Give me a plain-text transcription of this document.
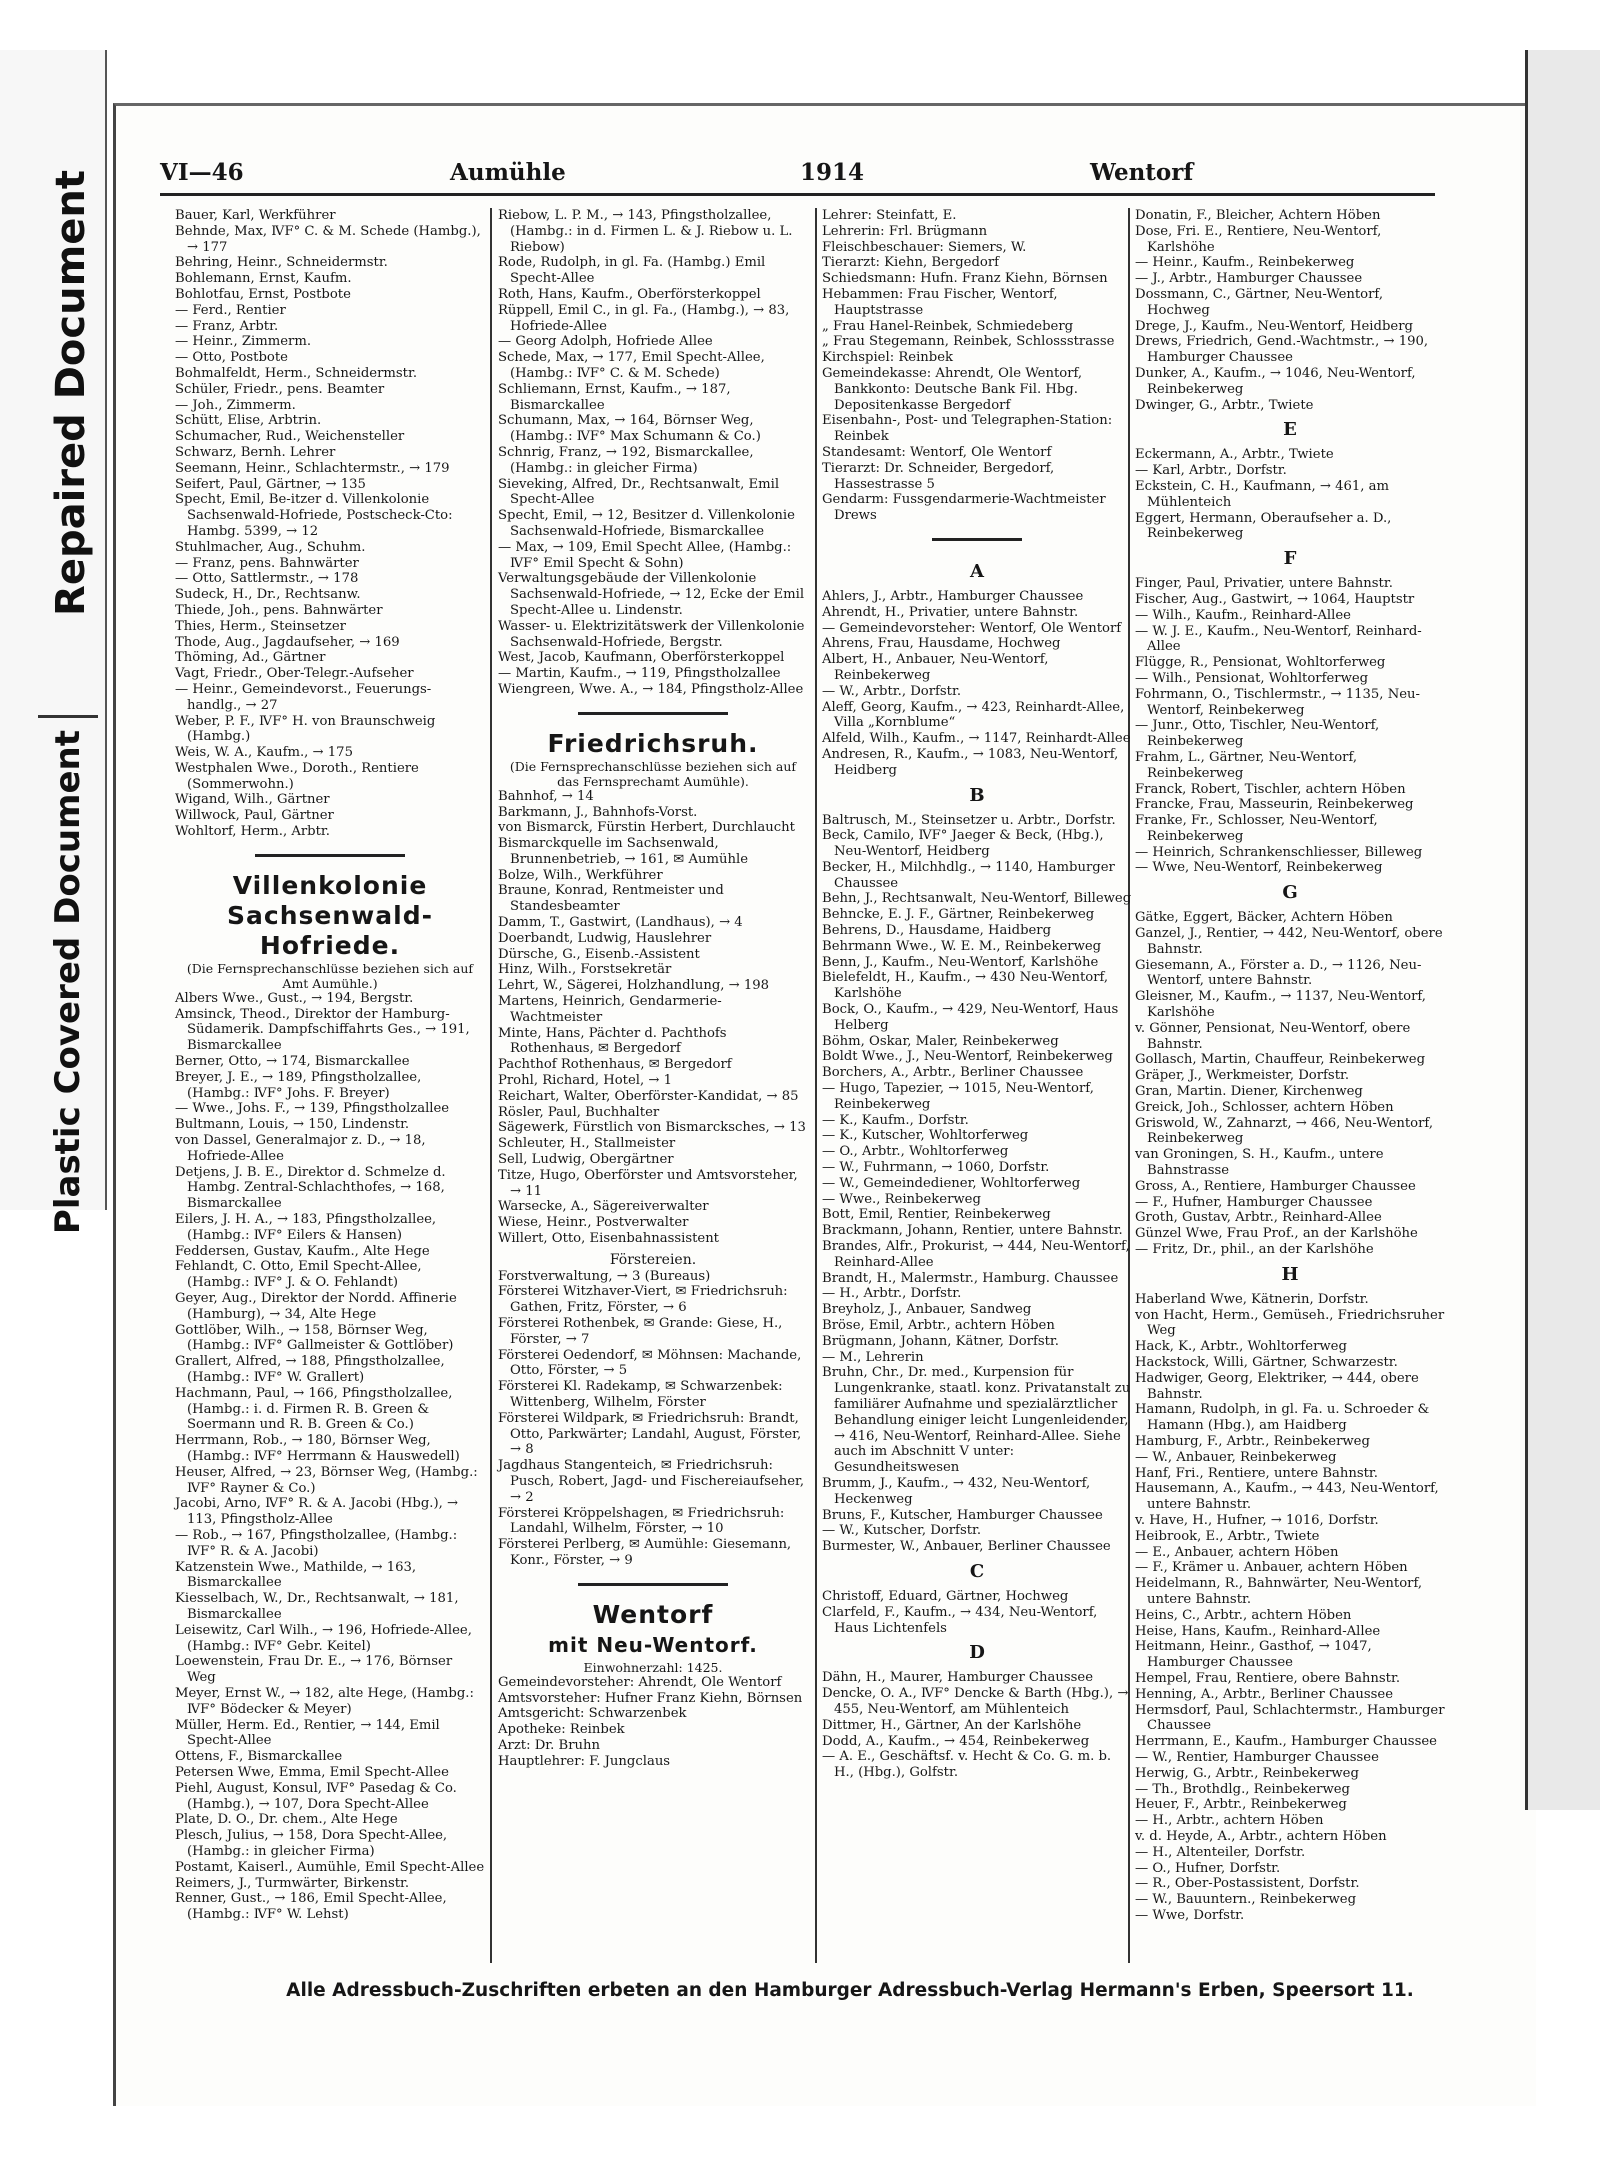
Repaired Document
Plastic Covered Document
VI—46	Aumühle	1914	Wentorf

Bauer, Karl, Werkführer

Behnde, Max, ⅣF° C. & M. Schede (Hambg.), → 177

Behring, Heinr., Schneidermstr.

Bohlemann, Ernst, Kaufm.

Bohlotfau, Ernst, Postbote

— Ferd., Rentier

— Franz, Arbtr.

— Heinr., Zimmerm.

— Otto, Postbote

Bohmalfeldt, Herm., Schneidermstr.

Schüler, Friedr., pens. Beamter

— Joh., Zimmerm.

Schütt, Elise, Arbtrin.

Schumacher, Rud., Weichensteller

Schwarz, Bernh. Lehrer

Seemann, Heinr., Schlachtermstr., → 179

Seifert, Paul, Gärtner, → 135

Specht, Emil, Be-itzer d. Villenkolonie Sachsenwald-Hofriede, Postscheck-Cto: Hambg. 5399, → 12

Stuhlmacher, Aug., Schuhm.

— Franz, pens. Bahnwärter

— Otto, Sattlermstr., → 178

Sudeck, H., Dr., Rechtsanw.

Thiede, Joh., pens. Bahnwärter

Thies, Herm., Steinsetzer

Thode, Aug., Jagdaufseher, → 169

Thöming, Ad., Gärtner

Vagt, Friedr., Ober-Telegr.-Aufseher

— Heinr., Gemeindevorst., Feuerungs-handlg., → 27

Weber, P. F., ⅣF° H. von Braunschweig (Hambg.)

Weis, W. A., Kaufm., → 175

Westphalen Wwe., Doroth., Rentiere (Sommerwohn.)

Wigand, Wilh., Gärtner

Willwock, Paul, Gärtner

Wohltorf, Herm., Arbtr.

Villenkolonie

Sachsenwald-

Hofriede.

(Die Fernsprechanschlüsse beziehen sich auf Amt Aumühle.)

Albers Wwe., Gust., → 194, Bergstr.

Amsinck, Theod., Direktor der Hamburg-Südamerik. Dampfschiffahrts Ges., → 191, Bismarckallee

Berner, Otto, → 174, Bismarckallee

Breyer, J. E., → 189, Pfingstholzallee, (Hambg.: ⅣF° Johs. F. Breyer)

— Wwe., Johs. F., → 139, Pfingstholzallee

Bultmann, Louis, → 150, Lindenstr.

von Dassel, Generalmajor z. D., → 18, Hofriede-Allee

Detjens, J. B. E., Direktor d. Schmelze d. Hambg. Zentral-Schlachthofes, → 168, Bismarckallee

Eilers, J. H. A., → 183, Pfingstholzallee, (Hambg.: ⅣF° Eilers & Hansen)

Feddersen, Gustav, Kaufm., Alte Hege

Fehlandt, C. Otto, Emil Specht-Allee, (Hambg.: ⅣF° J. & O. Fehlandt)

Geyer, Aug., Direktor der Nordd. Affinerie (Hamburg), → 34, Alte Hege

Gottlöber, Wilh., → 158, Börnser Weg, (Hambg.: ⅣF° Gallmeister & Gottlöber)

Grallert, Alfred, → 188, Pfingstholzallee, (Hambg.: ⅣF° W. Grallert)

Hachmann, Paul, → 166, Pfingstholzallee, (Hambg.: i. d. Firmen R. B. Green & Soermann und R. B. Green & Co.)

Herrmann, Rob., → 180, Börnser Weg, (Hambg.: ⅣF° Herrmann & Hauswedell)

Heuser, Alfred, → 23, Börnser Weg, (Hambg.: ⅣF° Rayner & Co.)

Jacobi, Arno, ⅣF° R. & A. Jacobi (Hbg.), → 113, Pfingstholz-Allee

— Rob., → 167, Pfingstholzallee, (Hambg.: ⅣF° R. & A. Jacobi)

Katzenstein Wwe., Mathilde, → 163, Bismarckallee

Kiesselbach, W., Dr., Rechtsanwalt, → 181, Bismarckallee

Leisewitz, Carl Wilh., → 196, Hofriede-Allee, (Hambg.: ⅣF° Gebr. Keitel)

Loewenstein, Frau Dr. E., → 176, Börnser Weg

Meyer, Ernst W., → 182, alte Hege, (Hambg.: ⅣF° Bödecker & Meyer)

Müller, Herm. Ed., Rentier, → 144, Emil Specht-Allee

Ottens, F., Bismarckallee

Petersen Wwe, Emma, Emil Specht-Allee

Piehl, August, Konsul, ⅣF° Pasedag & Co. (Hambg.), → 107, Dora Specht-Allee

Plate, D. O., Dr. chem., Alte Hege

Plesch, Julius, → 158, Dora Specht-Allee, (Hambg.: in gleicher Firma)

Postamt, Kaiserl., Aumühle, Emil Specht-Allee

Reimers, J., Turmwärter, Birkenstr.

Renner, Gust., → 186, Emil Specht-Allee, (Hambg.: ⅣF° W. Lehst)

Riebow, L. P. M., → 143, Pfingstholzallee, (Hambg.: in d. Firmen L. & J. Riebow u. L. Riebow)

Rode, Rudolph, in gl. Fa. (Hambg.) Emil Specht-Allee

Roth, Hans, Kaufm., Oberförsterkoppel

Rüppell, Emil C., in gl. Fa., (Hambg.), → 83, Hofriede-Allee

— Georg Adolph, Hofriede Allee

Schede, Max, → 177, Emil Specht-Allee, (Hambg.: ⅣF° C. & M. Schede)

Schliemann, Ernst, Kaufm., → 187, Bismarckallee

Schumann, Max, → 164, Börnser Weg, (Hambg.: ⅣF° Max Schumann & Co.)

Schnrig, Franz, → 192, Bismarckallee, (Hambg.: in gleicher Firma)

Sieveking, Alfred, Dr., Rechtsanwalt, Emil Specht-Allee

Specht, Emil, → 12, Besitzer d. Villenkolonie Sachsenwald-Hofriede, Bismarckallee

— Max, → 109, Emil Specht Allee, (Hambg.: ⅣF° Emil Specht & Sohn)

Verwaltungsgebäude der Villenkolonie Sachsenwald-Hofriede, → 12, Ecke der Emil Specht-Allee u. Lindenstr.

Wasser- u. Elektrizitätswerk der Villenkolonie Sachsenwald-Hofriede, Bergstr.

West, Jacob, Kaufmann, Oberförsterkoppel

— Martin, Kaufm., → 119, Pfingstholzallee

Wiengreen, Wwe. A., → 184, Pfingstholz-Allee

Friedrichsruh.

(Die Fernsprechanschlüsse beziehen sich auf das Fernsprechamt Aumühle).

Bahnhof, → 14

Barkmann, J., Bahnhofs-Vorst.

von Bismarck, Fürstin Herbert, Durchlaucht

Bismarckquelle im Sachsenwald, Brunnenbetrieb, → 161, ✉ Aumühle

Bolze, Wilh., Werkführer

Braune, Konrad, Rentmeister und Standesbeamter

Damm, T., Gastwirt, (Landhaus), → 4

Doerbandt, Ludwig, Hauslehrer

Dürsche, G., Eisenb.-Assistent

Hinz, Wilh., Forstsekretär

Lehrt, W., Sägerei, Holzhandlung, → 198

Martens, Heinrich, Gendarmerie-Wachtmeister

Minte, Hans, Pächter d. Pachthofs Rothenhaus, ✉ Bergedorf

Pachthof Rothenhaus, ✉ Bergedorf

Prohl, Richard, Hotel, → 1

Reichart, Walter, Oberförster-Kandidat, → 85

Rösler, Paul, Buchhalter

Sägewerk, Fürstlich von Bismarcksches, → 13

Schleuter, H., Stallmeister

Sell, Ludwig, Obergärtner

Titze, Hugo, Oberförster und Amtsvorsteher, → 11

Warsecke, A., Sägereiverwalter

Wiese, Heinr., Postverwalter

Willert, Otto, Eisenbahnassistent

Förstereien.

Forstverwaltung, → 3 (Bureaus)

Försterei Witzhaver-Viert, ✉ Friedrichsruh: Gathen, Fritz, Förster, → 6

Försterei Rothenbek, ✉ Grande: Giese, H., Förster, → 7

Försterei Oedendorf, ✉ Möhnsen: Machande, Otto, Förster, → 5

Försterei Kl. Radekamp, ✉ Schwarzenbek: Wittenberg, Wilhelm, Förster

Försterei Wildpark, ✉ Friedrichsruh: Brandt, Otto, Parkwärter; Landahl, August, Förster, → 8

Jagdhaus Stangenteich, ✉ Friedrichsruh: Pusch, Robert, Jagd- und Fischereiaufseher, → 2

Försterei Kröppelshagen, ✉ Friedrichsruh: Landahl, Wilhelm, Förster, → 10

Försterei Perlberg, ✉ Aumühle: Giesemann, Konr., Förster, → 9

Wentorf

mit Neu-Wentorf.

Einwohnerzahl: 1425.

Gemeindevorsteher: Ahrendt, Ole Wentorf

Amtsvorsteher: Hufner Franz Kiehn, Börnsen

Amtsgericht: Schwarzenbek

Apotheke: Reinbek

Arzt: Dr. Bruhn

Hauptlehrer: F. Jungclaus

Lehrer: Steinfatt, E.

Lehrerin: Frl. Brügmann

Fleischbeschauer: Siemers, W.

Tierarzt: Kiehn, Bergedorf

Schiedsmann: Hufn. Franz Kiehn, Börnsen

Hebammen: Frau Fischer, Wentorf, Hauptstrasse

„ Frau Hanel-Reinbek, Schmiedeberg

„ Frau Stegemann, Reinbek, Schlossstrasse

Kirchspiel: Reinbek

Gemeindekasse: Ahrendt, Ole Wentorf, Bankkonto: Deutsche Bank Fil. Hbg. Depositenkasse Bergedorf

Eisenbahn-, Post- und Telegraphen-Station: Reinbek

Standesamt: Wentorf, Ole Wentorf

Tierarzt: Dr. Schneider, Bergedorf, Hassestrasse 5

Gendarm: Fussgendarmerie-Wachtmeister Drews

A

Ahlers, J., Arbtr., Hamburger Chaussee

Ahrendt, H., Privatier, untere Bahnstr.

— Gemeindevorsteher: Wentorf, Ole Wentorf

Ahrens, Frau, Hausdame, Hochweg

Albert, H., Anbauer, Neu-Wentorf, Reinbekerweg

— W., Arbtr., Dorfstr.

Aleff, Georg, Kaufm., → 423, Reinhardt-Allee, Villa „Kornblume“

Alfeld, Wilh., Kaufm., → 1147, Reinhardt-Allee

Andresen, R., Kaufm., → 1083, Neu-Wentorf, Heidberg

B

Baltrusch, M., Steinsetzer u. Arbtr., Dorfstr.

Beck, Camilo, ⅣF° Jaeger & Beck, (Hbg.), Neu-Wentorf, Heidberg

Becker, H., Milchhdlg., → 1140, Hamburger Chaussee

Behn, J., Rechtsanwalt, Neu-Wentorf, Billeweg

Behncke, E. J. F., Gärtner, Reinbekerweg

Behrens, D., Hausdame, Haidberg

Behrmann Wwe., W. E. M., Reinbekerweg

Benn, J., Kaufm., Neu-Wentorf, Karlshöhe

Bielefeldt, H., Kaufm., → 430 Neu-Wentorf, Karlshöhe

Bock, O., Kaufm., → 429, Neu-Wentorf, Haus Helberg

Böhm, Oskar, Maler, Reinbekerweg

Boldt Wwe., J., Neu-Wentorf, Reinbekerweg

Borchers, A., Arbtr., Berliner Chaussee

— Hugo, Tapezier, → 1015, Neu-Wentorf, Reinbekerweg

— K., Kaufm., Dorfstr.

— K., Kutscher, Wohltorferweg

— O., Arbtr., Wohltorferweg

— W., Fuhrmann, → 1060, Dorfstr.

— W., Gemeindediener, Wohltorferweg

— Wwe., Reinbekerweg

Bott, Emil, Rentier, Reinbekerweg

Brackmann, Johann, Rentier, untere Bahnstr.

Brandes, Alfr., Prokurist, → 444, Neu-Wentorf, Reinhard-Allee

Brandt, H., Malermstr., Hamburg. Chaussee

— H., Arbtr., Dorfstr.

Breyholz, J., Anbauer, Sandweg

Bröse, Emil, Arbtr., achtern Höben

Brügmann, Johann, Kätner, Dorfstr.

— M., Lehrerin

Bruhn, Chr., Dr. med., Kurpension für Lungenkranke, staatl. konz. Privatanstalt zu familiärer Aufnahme und spezialärztlicher Behandlung einiger leicht Lungenleidender, → 416, Neu-Wentorf, Reinhard-Allee. Siehe auch im Abschnitt V unter: Gesundheitswesen

Brumm, J., Kaufm., → 432, Neu-Wentorf, Heckenweg

Bruns, F., Kutscher, Hamburger Chaussee

— W., Kutscher, Dorfstr.

Burmester, W., Anbauer, Berliner Chaussee

C

Christoff, Eduard, Gärtner, Hochweg

Clarfeld, F., Kaufm., → 434, Neu-Wentorf, Haus Lichtenfels

D

Dähn, H., Maurer, Hamburger Chaussee

Dencke, O. A., ⅣF° Dencke & Barth (Hbg.), → 455, Neu-Wentorf, am Mühlenteich

Dittmer, H., Gärtner, An der Karlshöhe

Dodd, A., Kaufm., → 454, Reinbekerweg

— A. E., Geschäftsf. v. Hecht & Co. G. m. b. H., (Hbg.), Golfstr.

Donatin, F., Bleicher, Achtern Höben

Dose, Fri. E., Rentiere, Neu-Wentorf, Karlshöhe

— Heinr., Kaufm., Reinbekerweg

— J., Arbtr., Hamburger Chaussee

Dossmann, C., Gärtner, Neu-Wentorf, Hochweg

Drege, J., Kaufm., Neu-Wentorf, Heidberg

Drews, Friedrich, Gend.-Wachtmstr., → 190, Hamburger Chaussee

Dunker, A., Kaufm., → 1046, Neu-Wentorf, Reinbekerweg

Dwinger, G., Arbtr., Twiete

E

Eckermann, A., Arbtr., Twiete

— Karl, Arbtr., Dorfstr.

Eckstein, C. H., Kaufmann, → 461, am Mühlenteich

Eggert, Hermann, Oberaufseher a. D., Reinbekerweg

F

Finger, Paul, Privatier, untere Bahnstr.

Fischer, Aug., Gastwirt, → 1064, Hauptstr

— Wilh., Kaufm., Reinhard-Allee

— W. J. E., Kaufm., Neu-Wentorf, Reinhard-Allee

Flügge, R., Pensionat, Wohltorferweg

— Wilh., Pensionat, Wohltorferweg

Fohrmann, O., Tischlermstr., → 1135, Neu-Wentorf, Reinbekerweg

— Junr., Otto, Tischler, Neu-Wentorf, Reinbekerweg

Frahm, L., Gärtner, Neu-Wentorf, Reinbekerweg

Franck, Robert, Tischler, achtern Höben

Francke, Frau, Masseurin, Reinbekerweg

Franke, Fr., Schlosser, Neu-Wentorf, Reinbekerweg

— Heinrich, Schrankenschliesser, Billeweg

— Wwe, Neu-Wentorf, Reinbekerweg

G

Gätke, Eggert, Bäcker, Achtern Höben

Ganzel, J., Rentier, → 442, Neu-Wentorf, obere Bahnstr.

Giesemann, A., Förster a. D., → 1126, Neu-Wentorf, untere Bahnstr.

Gleisner, M., Kaufm., → 1137, Neu-Wentorf, Karlshöhe

v. Gönner, Pensionat, Neu-Wentorf, obere Bahnstr.

Gollasch, Martin, Chauffeur, Reinbekerweg

Gräper, J., Werkmeister, Dorfstr.

Gran, Martin. Diener, Kirchenweg

Greick, Joh., Schlosser, achtern Höben

Griswold, W., Zahnarzt, → 466, Neu-Wentorf, Reinbekerweg

van Groningen, S. H., Kaufm., untere Bahnstrasse

Gross, A., Rentiere, Hamburger Chaussee

— F., Hufner, Hamburger Chaussee

Groth, Gustav, Arbtr., Reinhard-Allee

Günzel Wwe, Frau Prof., an der Karlshöhe

— Fritz, Dr., phil., an der Karlshöhe

H

Haberland Wwe, Kätnerin, Dorfstr.

von Hacht, Herm., Gemüseh., Friedrichsruher Weg

Hack, K., Arbtr., Wohltorferweg

Hackstock, Willi, Gärtner, Schwarzestr.

Hadwiger, Georg, Elektriker, → 444, obere Bahnstr.

Hamann, Rudolph, in gl. Fa. u. Schroeder & Hamann (Hbg.), am Haidberg

Hamburg, F., Arbtr., Reinbekerweg

— W., Anbauer, Reinbekerweg

Hanf, Fri., Rentiere, untere Bahnstr.

Hausemann, A., Kaufm., → 443, Neu-Wentorf, untere Bahnstr.

v. Have, H., Hufner, → 1016, Dorfstr.

Heibrook, E., Arbtr., Twiete

— E., Anbauer, achtern Höben

— F., Krämer u. Anbauer, achtern Höben

Heidelmann, R., Bahnwärter, Neu-Wentorf, untere Bahnstr.

Heins, C., Arbtr., achtern Höben

Heise, Hans, Kaufm., Reinhard-Allee

Heitmann, Heinr., Gasthof, → 1047, Hamburger Chaussee

Hempel, Frau, Rentiere, obere Bahnstr.

Henning, A., Arbtr., Berliner Chaussee

Hermsdorf, Paul, Schlachtermstr., Hamburger Chaussee

Herrmann, E., Kaufm., Hamburger Chaussee

— W., Rentier, Hamburger Chaussee

Herwig, G., Arbtr., Reinbekerweg

— Th., Brothdlg., Reinbekerweg

Heuer, F., Arbtr., Reinbekerweg

— H., Arbtr., achtern Höben

v. d. Heyde, A., Arbtr., achtern Höben

— H., Altenteiler, Dorfstr.

— O., Hufner, Dorfstr.

— R., Ober-Postassistent, Dorfstr.

— W., Bauuntern., Reinbekerweg

— Wwe, Dorfstr.

Alle Adressbuch-Zuschriften erbeten an den Hamburger Adressbuch-Verlag Hermann's Erben, Speersort 11.
